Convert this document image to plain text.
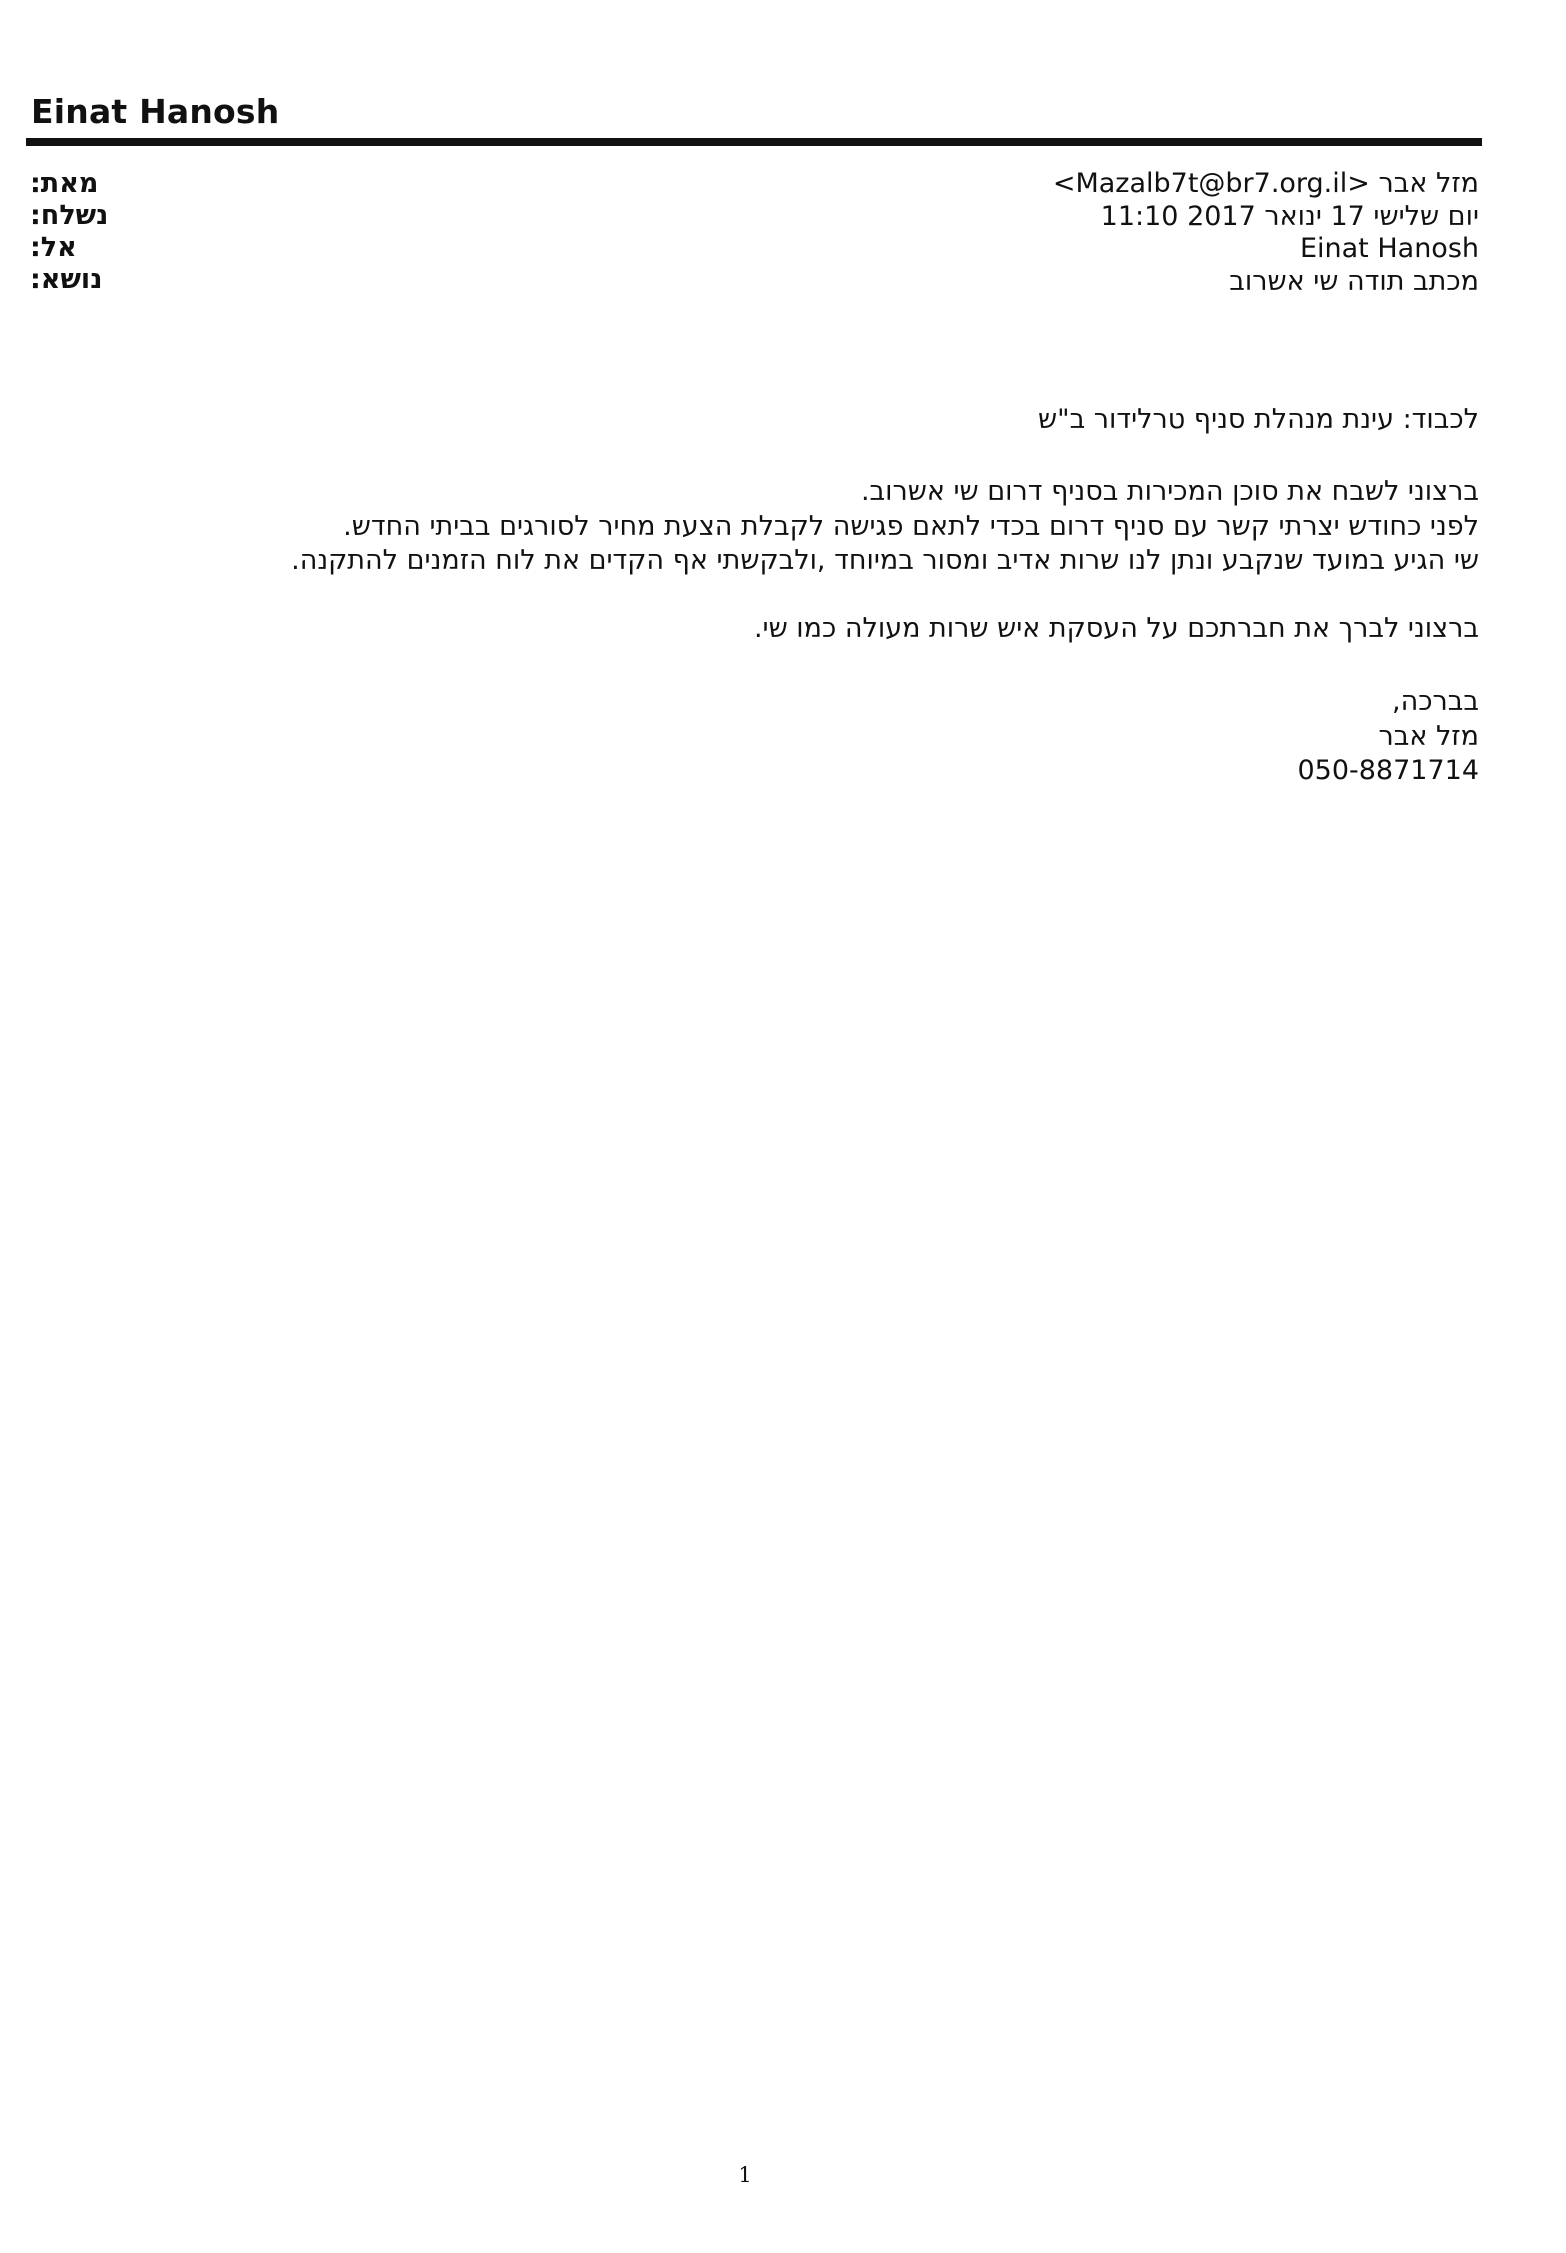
Einat Hanosh
מאת:
נשלח:
אל:
נושא:
מזל אבר <Mazalb7t@br7.org.il>
יום שלישי 17 ינואר 2017 11:10
Einat Hanosh
מכתב תודה שי אשרוב
לכבוד: עינת מנהלת סניף טרלידור ב"ש
ברצוני לשבח את סוכן המכירות בסניף דרום שי אשרוב.
לפני כחודש יצרתי קשר עם סניף דרום בכדי לתאם פגישה לקבלת הצעת מחיר לסורגים בביתי החדש.
שי הגיע במועד שנקבע ונתן לנו שרות אדיב ומסור במיוחד ,ולבקשתי אף הקדים את לוח הזמנים להתקנה.
ברצוני לברך את חברתכם על העסקת איש שרות מעולה כמו שי.
בברכה,
מזל אבר
050-8871714
1
